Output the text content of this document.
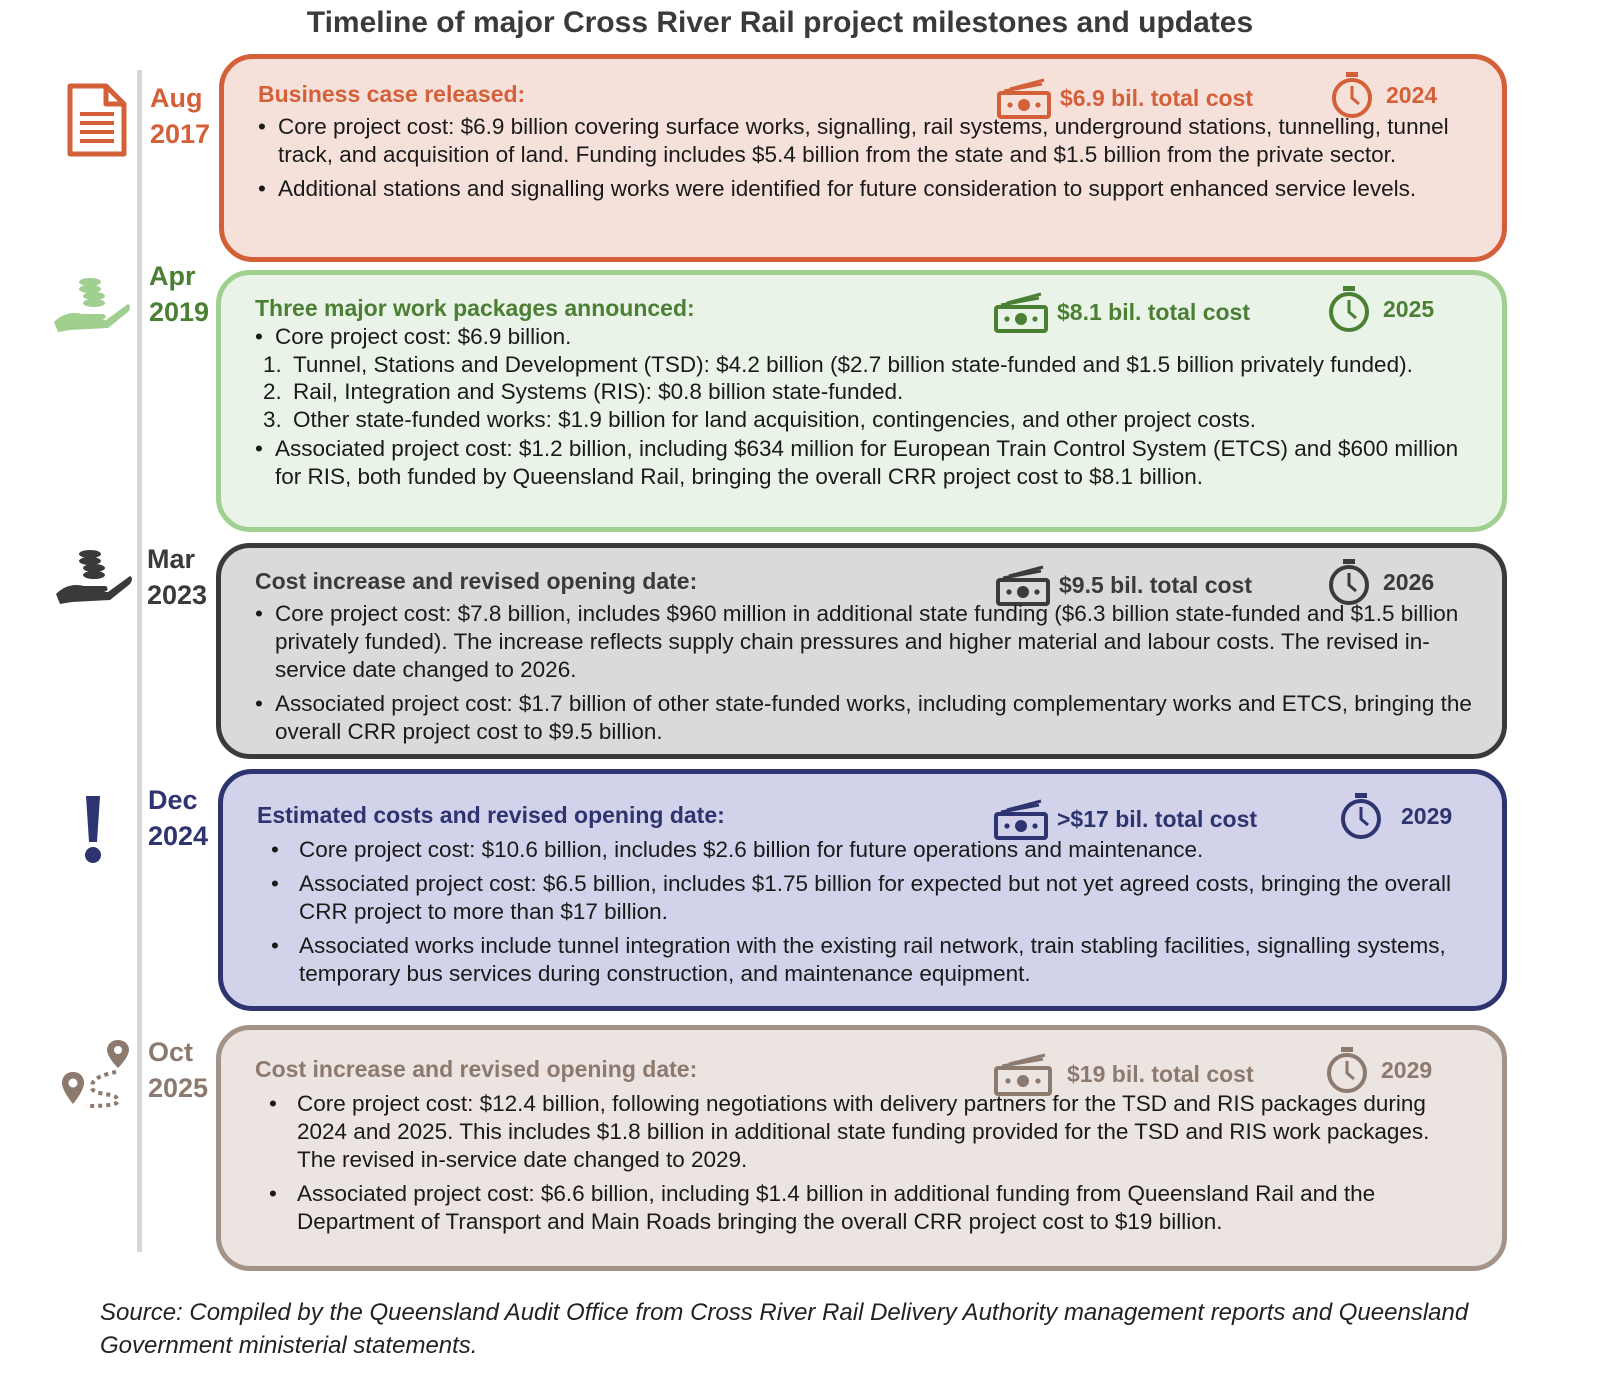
Timeline of major Cross River Rail project milestones and updates
Aug
2017
Business case released:	$6.9 bil. total cost	2024
• Core project cost: $6.9 billion covering surface works, signalling, rail systems, underground stations, tunnelling, tunnel track, and acquisition of land. Funding includes $5.4 billion from the state and $1.5 billion from the private sector.
• Additional stations and signalling works were identified for future consideration to support enhanced service levels.
Apr
2019 Three major work packages announced:	$8.1 bil. total cost	2025
• Core project cost: $6.9 billion.
1. Tunnel, Stations and Development (TSD): $4.2 billion ($2.7 billion state-funded and $1.5 billion privately funded).
2. Rail, Integration and Systems (RIS): $0.8 billion state-funded.
3. Other state-funded works: $1.9 billion for land acquisition, contingencies, and other project costs.
• Associated project cost: $1.2 billion, including $634 million for European Train Control System (ETCS) and $600 million for RIS, both funded by Queensland Rail, bringing the overall CRR project cost to $8.1 billion.
Mar
2023 Cost increase and revised opening date:	$9.5 bil. total cost	2026
• Core project cost: $7.8 billion, includes $960 million in additional state funding ($6.3 billion state-funded and $1.5 billion privately funded). The increase reflects supply chain pressures and higher material and labour costs. The revised in-service date changed to 2026.
• Associated project cost: $1.7 billion of other state-funded works, including complementary works and ETCS, bringing the overall CRR project cost to $9.5 billion.
Dec
2024
Estimated costs and revised opening date:	>$17 bil. total cost	2029
• Core project cost: $10.6 billion, includes $2.6 billion for future operations and maintenance.
• Associated project cost: $6.5 billion, includes $1.75 billion for expected but not yet agreed costs, bringing the overall CRR project to more than $17 billion.
• Associated works include tunnel integration with the existing rail network, train stabling facilities, signalling systems, temporary bus services during construction, and maintenance equipment.
Oct
2025
Cost increase and revised opening date:	$19 bil. total cost	2029
• Core project cost: $12.4 billion, following negotiations with delivery partners for the TSD and RIS packages during 2024 and 2025. This includes $1.8 billion in additional state funding provided for the TSD and RIS work packages. The revised in-service date changed to 2029.
• Associated project cost: $6.6 billion, including $1.4 billion in additional funding from Queensland Rail and the Department of Transport and Main Roads bringing the overall CRR project cost to $19 billion.
Source: Compiled by the Queensland Audit Office from Cross River Rail Delivery Authority management reports and Queensland Government ministerial statements.
